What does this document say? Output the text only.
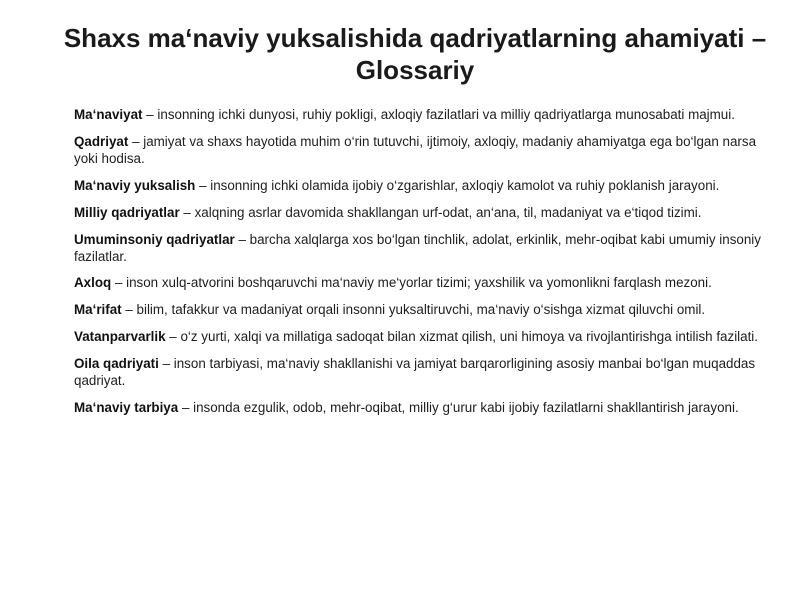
Shaxs ma‘naviy yuksalishida qadriyatlarning ahamiyati – Glossariy

Ma‘naviyat – insonning ichki dunyosi, ruhiy pokligi, axloqiy fazilatlari va milliy qadriyatlarga munosabati majmui.

Qadriyat – jamiyat va shaxs hayotida muhim o‘rin tutuvchi, ijtimoiy, axloqiy, madaniy ahamiyatga ega bo‘lgan narsa yoki hodisa.

Ma‘naviy yuksalish – insonning ichki olamida ijobiy o‘zgarishlar, axloqiy kamolot va ruhiy poklanish jarayoni.

Milliy qadriyatlar – xalqning asrlar davomida shakllangan urf-odat, an‘ana, til, madaniyat va e‘tiqod tizimi.

Umuminsoniy qadriyatlar – barcha xalqlarga xos bo‘lgan tinchlik, adolat, erkinlik, mehr-oqibat kabi umumiy insoniy fazilatlar.

Axloq – inson xulq-atvorini boshqaruvchi ma‘naviy me‘yorlar tizimi; yaxshilik va yomonlikni farqlash mezoni.

Ma‘rifat – bilim, tafakkur va madaniyat orqali insonni yuksaltiruvchi, ma‘naviy o‘sishga xizmat qiluvchi omil.

Vatanparvarlik – o‘z yurti, xalqi va millatiga sadoqat bilan xizmat qilish, uni himoya va rivojlantirishga intilish fazilati.

Oila qadriyati – inson tarbiyasi, ma‘naviy shakllanishi va jamiyat barqarorligining asosiy manbai bo‘lgan muqaddas qadriyat.

Ma‘naviy tarbiya – insonda ezgulik, odob, mehr-oqibat, milliy g‘urur kabi ijobiy fazilatlarni shakllantirish jarayoni.
